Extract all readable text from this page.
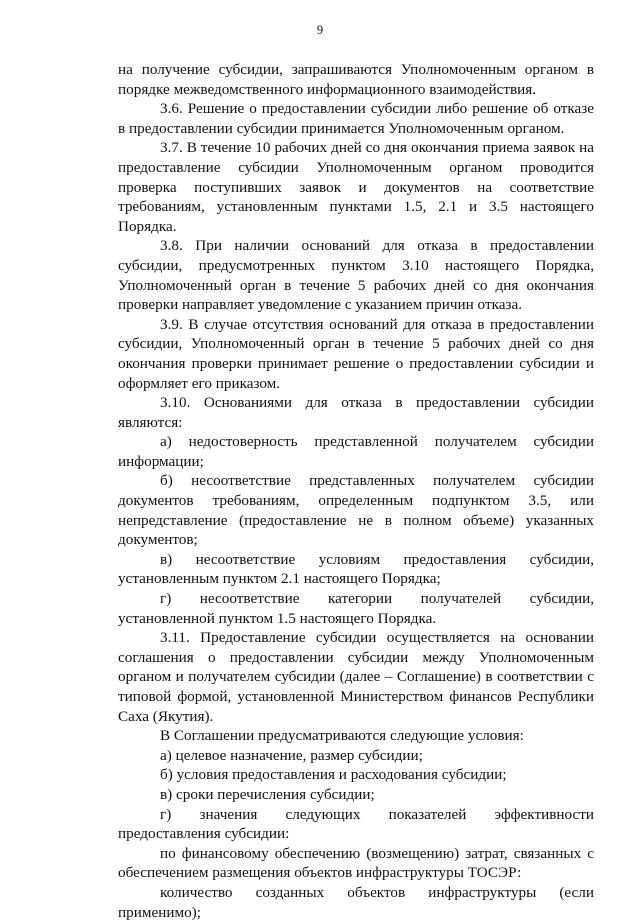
9

на получение субсидии, запрашиваются Уполномоченным органом в порядке межведомственного информационного взаимодействия.

3.6. Решение о предоставлении субсидии либо решение об отказе в предоставлении субсидии принимается Уполномоченным органом.

3.7. В течение 10 рабочих дней со дня окончания приема заявок на предоставление субсидии Уполномоченным органом проводится проверка поступивших заявок и документов на соответствие требованиям, установленным пунктами 1.5, 2.1 и 3.5 настоящего Порядка.

3.8. При наличии оснований для отказа в предоставлении субсидии, предусмотренных пунктом 3.10 настоящего Порядка, Уполномоченный орган в течение 5 рабочих дней со дня окончания проверки направляет уведомление с указанием причин отказа.

3.9. В случае отсутствия оснований для отказа в предоставлении субсидии, Уполномоченный орган в течение 5 рабочих дней со дня окончания проверки принимает решение о предоставлении субсидии и оформляет его приказом.

3.10. Основаниями для отказа в предоставлении субсидии являются:

а) недостоверность представленной получателем субсидии информации;

б) несоответствие представленных получателем субсидии документов требованиям, определенным подпунктом 3.5, или непредставление (предоставление не в полном объеме) указанных документов;

в) несоответствие условиям предоставления субсидии, установленным пунктом 2.1 настоящего Порядка;

г) несоответствие категории получателей субсидии, установленной пунктом 1.5 настоящего Порядка.

3.11. Предоставление субсидии осуществляется на основании соглашения о предоставлении субсидии между Уполномоченным органом и получателем субсидии (далее – Соглашение) в соответствии с типовой формой, установленной Министерством финансов Республики Саха (Якутия).

В Соглашении предусматриваются следующие условия:

а) целевое назначение, размер субсидии;

б) условия предоставления и расходования субсидии;

в) сроки перечисления субсидии;

г) значения следующих показателей эффективности предоставления субсидии:

по финансовому обеспечению (возмещению) затрат, связанных с обеспечением размещения объектов инфраструктуры ТОСЭР:

количество созданных объектов инфраструктуры (если применимо);
